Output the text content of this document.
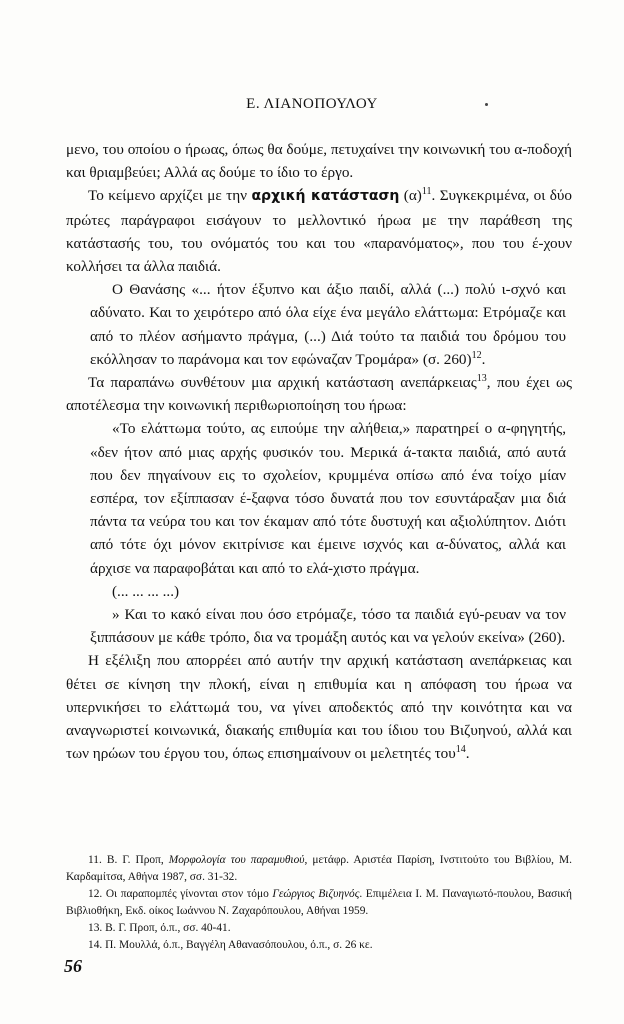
Ε. ΛΙΑΝΟΠΟΥΛΟΥ

μενο, του οποίου ο ήρωας, όπως θα δούμε, πετυχαίνει την κοινωνική του α-ποδοχή και θριαμβεύει; Αλλά ας δούμε το ίδιο το έργο.

Το κείμενο αρχίζει με την αρχική κατάσταση $(\alpha)^{11}$. Συγκεκριμένα, οι δύο πρώτες παράγραφοι εισάγουν το μελλοντικό ήρωα με την παράθεση της κατάστασής του, του ονόματός του και του «παρανόματος», που του έ-χουν κολλήσει τα άλλα παιδιά.

Ο Θανάσης «... ήτον έξυπνο και άξιο παιδί, αλλά (...) πολύ ι-σχνό και αδύνατο. Και το χειρότερο από όλα είχε ένα μεγάλο ελάττωμα: Ετρόμαζε και από το πλέον ασήμαντο πράγμα, (...) Διά τούτο τα παιδιά του δρόμου του εκόλλησαν το παράνομα και τον εφώναζαν Τρομάρα» (σ. 260)$^{12}$.

Τα παραπάνω συνθέτουν μια αρχική κατάσταση ανεπάρκειας$^{13}$, που έχει ως αποτέλεσμα την κοινωνική περιθωριοποίηση του ήρωα:

«Το ελάττωμα τούτο, ας ειπούμε την αλήθεια,» παρατηρεί ο α-φηγητής, «δεν ήτον από μιας αρχής φυσικόν του. Μερικά ά-τακτα παιδιά, από αυτά που δεν πηγαίνουν εις το σχολείον, κρυμμένα οπίσω από ένα τοίχο μίαν εσπέρα, τον εξίππασαν έ-ξαφνα τόσο δυνατά που τον εσυντάραξαν μια διά πάντα τα νεύρα του και τον έκαμαν από τότε δυστυχή και αξιολύπητον. Διότι από τότε όχι μόνον εκιτρίνισε και έμεινε ισχνός και α-δύνατος, αλλά και άρχισε να παραφοβάται και από το ελά-χιστο πράγμα.

(... ... ... ...)

» Και το κακό είναι που όσο ετρόμαζε, τόσο τα παιδιά εγύ-ρευαν να τον ξιππάσουν με κάθε τρόπο, δια να τρομάξη αυτός και να γελούν εκείνα» (260).

Η εξέλιξη που απορρέει από αυτήν την αρχική κατάσταση ανεπάρκειας και θέτει σε κίνηση την πλοκή, είναι η επιθυμία και η απόφαση του ήρωα να υπερνικήσει το ελάττωμά του, να γίνει αποδεκτός από την κοινότητα και να αναγνωριστεί κοινωνικά, διακαής επιθυμία και του ίδιου του Βιζυηνού, αλλά και των ηρώων του έργου του, όπως επισημαίνουν οι μελετητές του$^{14}$.

11. Β. Γ. Προπ, Μορφολογία του παραμυθιού, μετάφρ. Αριστέα Παρίση, Ινστιτούτο του Βιβλίου, Μ. Καρδαμίτσα, Αθήνα 1987, σσ. 31-32.

12. Οι παραπομπές γίνονται στον τόμο Γεώργιος Βιζυηνός. Επιμέλεια Ι. Μ. Παναγιωτό-πουλου, Βασική Βιβλιοθήκη, Εκδ. οίκος Ιωάννου Ν. Ζαχαρόπουλου, Αθήναι 1959.

13. Β. Γ. Προπ, ό.π., σσ. 40-41.

14. Π. Μουλλά, ό.π., Βαγγέλη Αθανασόπουλου, ό.π., σ. 26 κε.

56
